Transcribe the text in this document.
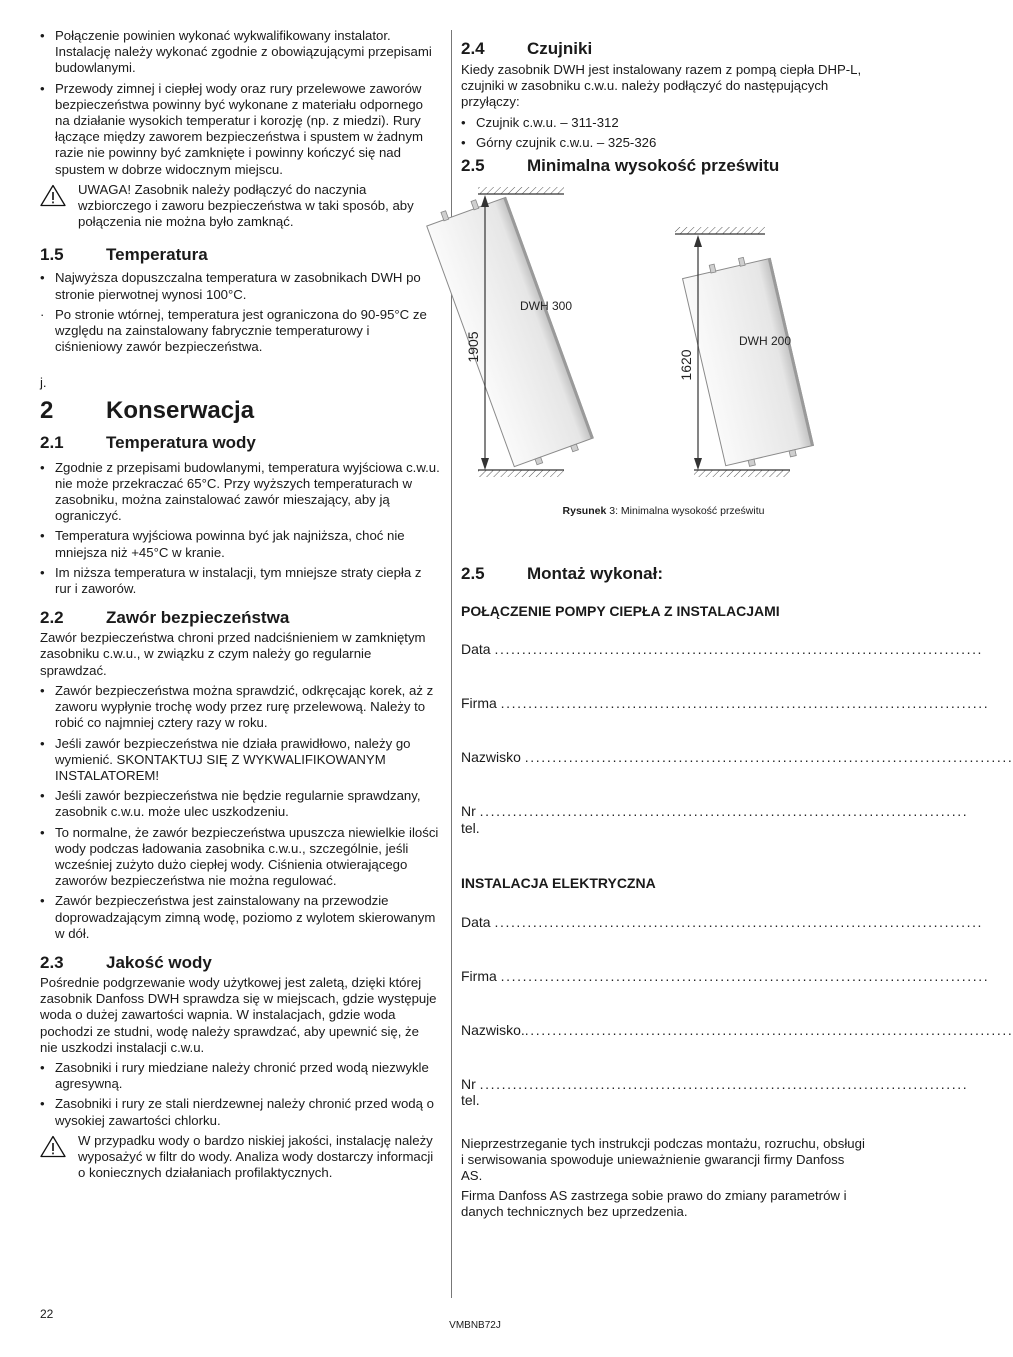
• Połączenie powinien wykonać wykwalifikowany instalator. Instalację należy wykonać zgodnie z obowiązującymi przepisami budowlanymi.
• Przewody zimnej i ciepłej wody oraz rury przelewowe zaworów bezpieczeństwa powinny być wykonane z materiału odpornego na działanie wysokich temperatur i korozję (np. z miedzi). Rury łączące między zaworem bezpieczeństwa i spustem w żadnym razie nie powinny być zamknięte i powinny kończyć się nad spustem w dobrze widocznym miejscu.
UWAGA! Zasobnik należy podłączyć do naczynia wzbiorczego i zaworu bezpieczeństwa w taki sposób, aby połączenia nie można było zamknąć.
1.5 Temperatura
• Najwyższa dopuszczalna temperatura w zasobnikach DWH po stronie pierwotnej wynosi 100°C.
· Po stronie wtórnej, temperatura jest ograniczona do 90-95°C ze względu na zainstalowany fabrycznie temperaturowy i ciśnieniowy zawór bezpieczeństwa.

j.

2 Konserwacja
2.1 Temperatura wody
• Zgodnie z przepisami budowlanymi, temperatura wyjściowa c.w.u. nie może przekraczać 65°C. Przy wyższych temperaturach w zasobniku, można zainstalować zawór mieszający, aby ją ograniczyć.
• Temperatura wyjściowa powinna być jak najniższa, choć nie mniejsza niż +45°C w kranie.
• Im niższa temperatura w instalacji, tym mniejsze straty ciepła z rur i zaworów.
2.2 Zawór bezpieczeństwa

Zawór bezpieczeństwa chroni przed nadciśnieniem w zamkniętym zasobniku c.w.u., w związku z czym należy go regularnie sprawdzać.

• Zawór bezpieczeństwa można sprawdzić, odkręcając korek, aż z zaworu wypłynie trochę wody przez rurę przelewową. Należy to robić co najmniej cztery razy w roku.
• Jeśli zawór bezpieczeństwa nie działa prawidłowo, należy go wymienić. SKONTAKTUJ SIĘ Z WYKWALIFIKOWANYM INSTALATOREM!
• Jeśli zawór bezpieczeństwa nie będzie regularnie sprawdzany, zasobnik c.w.u. może ulec uszkodzeniu.
• To normalne, że zawór bezpieczeństwa upuszcza niewielkie ilości wody podczas ładowania zasobnika c.w.u., szczególnie, jeśli wcześniej zużyto dużo ciepłej wody. Ciśnienia otwierającego zaworów bezpieczeństwa nie można regulować.
• Zawór bezpieczeństwa jest zainstalowany na przewodzie doprowadzającym zimną wodę, poziomo z wylotem skierowanym w dół.
2.3 Jakość wody

Pośrednie podgrzewanie wody użytkowej jest zaletą, dzięki której zasobnik Danfoss DWH sprawdza się w miejscach, gdzie występuje woda o dużej zawartości wapnia. W instalacjach, gdzie woda pochodzi ze studni, wodę należy sprawdzać, aby upewnić się, że nie uszkodzi instalacji c.w.u.

• Zasobniki i rury miedziane należy chronić przed wodą niezwykle agresywną.
• Zasobniki i rury ze stali nierdzewnej należy chronić przed wodą o wysokiej zawartości chlorku.
W przypadku wody o bardzo niskiej jakości, instalację należy wyposażyć w filtr do wody. Analiza wody dostarczy informacji o koniecznych działaniach profilaktycznych.
2.4 Czujniki

Kiedy zasobnik DWH jest instalowany razem z pompą ciepła DHP-L, czujniki w zasobniku c.w.u. należy podłączyć do następujących przyłączy:

• Czujnik c.w.u. – 311-312
• Górny czujnik c.w.u. – 325-326
2.5 Minimalna wysokość prześwitu
1905
DWH 300
1620
DWH 200
Rysunek 3: Minimalna wysokość prześwitu
2.5 Montaż wykonał:

POŁĄCZENIE POMPY CIEPŁA Z INSTALACJAMI

Data
.........................................................................................
Firma
.........................................................................................
Nazwisko
.........................................................................................
Nr tel.
.........................................................................................

INSTALACJA ELEKTRYCZNA

Data
.........................................................................................
Firma
.........................................................................................
Nazwisko. .........................................................................................
Nr tel.
.........................................................................................

Nieprzestrzeganie tych instrukcji podczas montażu, rozruchu, obsługi i serwisowania spowoduje unieważnienie gwarancji firmy Danfoss AS.

Firma Danfoss AS zastrzega sobie prawo do zmiany parametrów i danych technicznych bez uprzedzenia.

22
VMBNB72J
